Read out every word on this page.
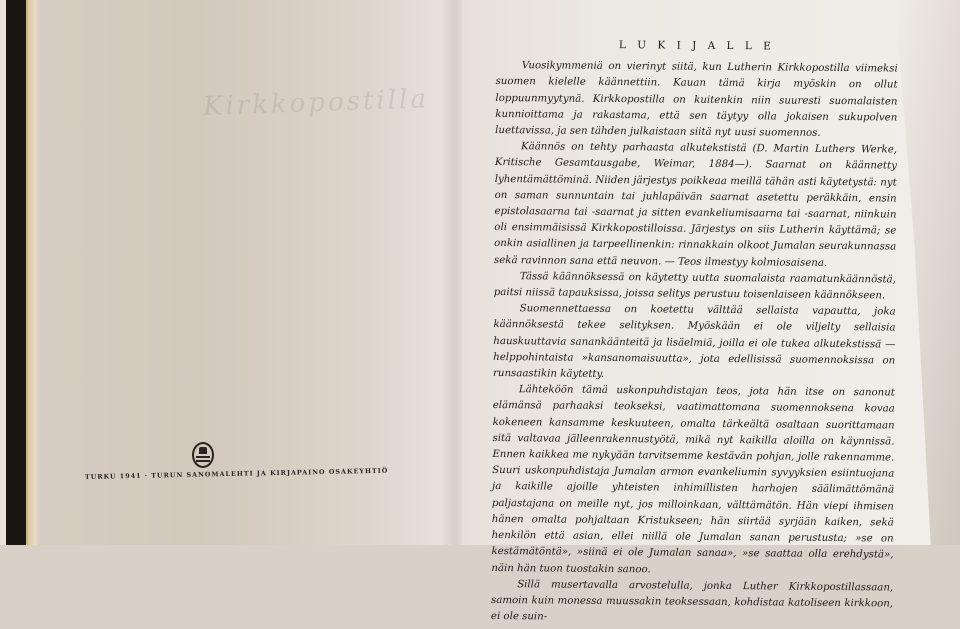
Kirkkopostilla
TURKU 1941 · TURUN SANOMALEHTI JA KIRJAPAINO OSAKEYHTIÖ
L U K I J A L L E

Vuosikymmeniä on vierinyt siitä, kun Lutherin Kirkkopostilla viimeksi suomen kielelle käännettiin. Kauan tämä kirja myöskin on ollut loppuunmyytynä. Kirkkopostilla on kuitenkin niin suuresti suomalaisten kunnioittama ja rakastama, että sen täytyy olla jokaisen sukupolven luettavissa, ja sen tähden julkaistaan siitä nyt uusi suomennos.

Käännös on tehty parhaasta alkutekstistä (D. Martin Luthers Werke, Kritische Gesamtausgabe, Weimar, 1884—). Saarnat on käännetty lyhentämättöminä. Niiden järjestys poikkeaa meillä tähän asti käytetystä: nyt on saman sunnuntain tai juhlapäivän saarnat asetettu peräkkäin, ensin epistolasaarna tai -saarnat ja sitten evankeliumisaarna tai -saarnat, niinkuin oli ensimmäisissä Kirkkopostilloissa. Järjestys on siis Lutherin käyttämä; se onkin asiallinen ja tarpeellinenkin: rinnakkain olkoot Jumalan seurakunnassa sekä ravinnon sana että neuvon. — Teos ilmestyy kolmiosaisena.

Tässä käännöksessä on käytetty uutta suomalaista raamatunkäännöstä, paitsi niissä tapauksissa, joissa selitys perustuu toisenlaiseen käännökseen.

Suomennettaessa on koetettu välttää sellaista vapautta, joka käännöksestä tekee selityksen. Myöskään ei ole viljelty sellaisia hauskuuttavia sanankäänteitä ja lisäelmiä, joilla ei ole tukea alkutekstissä — helppohintaista »kansanomaisuutta», jota edellisissä suomennoksissa on runsaastikin käytetty.

Lähteköön tämä uskonpuhdistajan teos, jota hän itse on sanonut elämänsä parhaaksi teokseksi, vaatimattomana suomennoksena kovaa kokeneen kansamme keskuuteen, omalta tärkeältä osaltaan suorittamaan sitä valtavaa jälleenrakennustyötä, mikä nyt kaikilla aloilla on käynnissä. Ennen kaikkea me nykyään tarvitsemme kestävän pohjan, jolle rakennamme. Suuri uskonpuhdistaja Jumalan armon evankeliumin syvyyksien esiintuojana ja kaikille ajoille yhteisten inhimillisten harhojen säälimättömänä paljastajana on meille nyt, jos milloinkaan, välttämätön. Hän viepi ihmisen hänen omalta pohjaltaan Kristukseen; hän siirtää syrjään kaiken, sekä henkilön että asian, ellei niillä ole Jumalan sanan perustusta; »se on kestämätöntä», »siinä ei ole Jumalan sanaa», »se saattaa olla erehdystä», näin hän tuon tuostakin sanoo.

Sillä musertavalla arvostelulla, jonka Luther Kirkkopostillassaan, samoin kuin monessa muussakin teoksessaan, kohdistaa katoliseen kirkkoon, ei ole suin-
